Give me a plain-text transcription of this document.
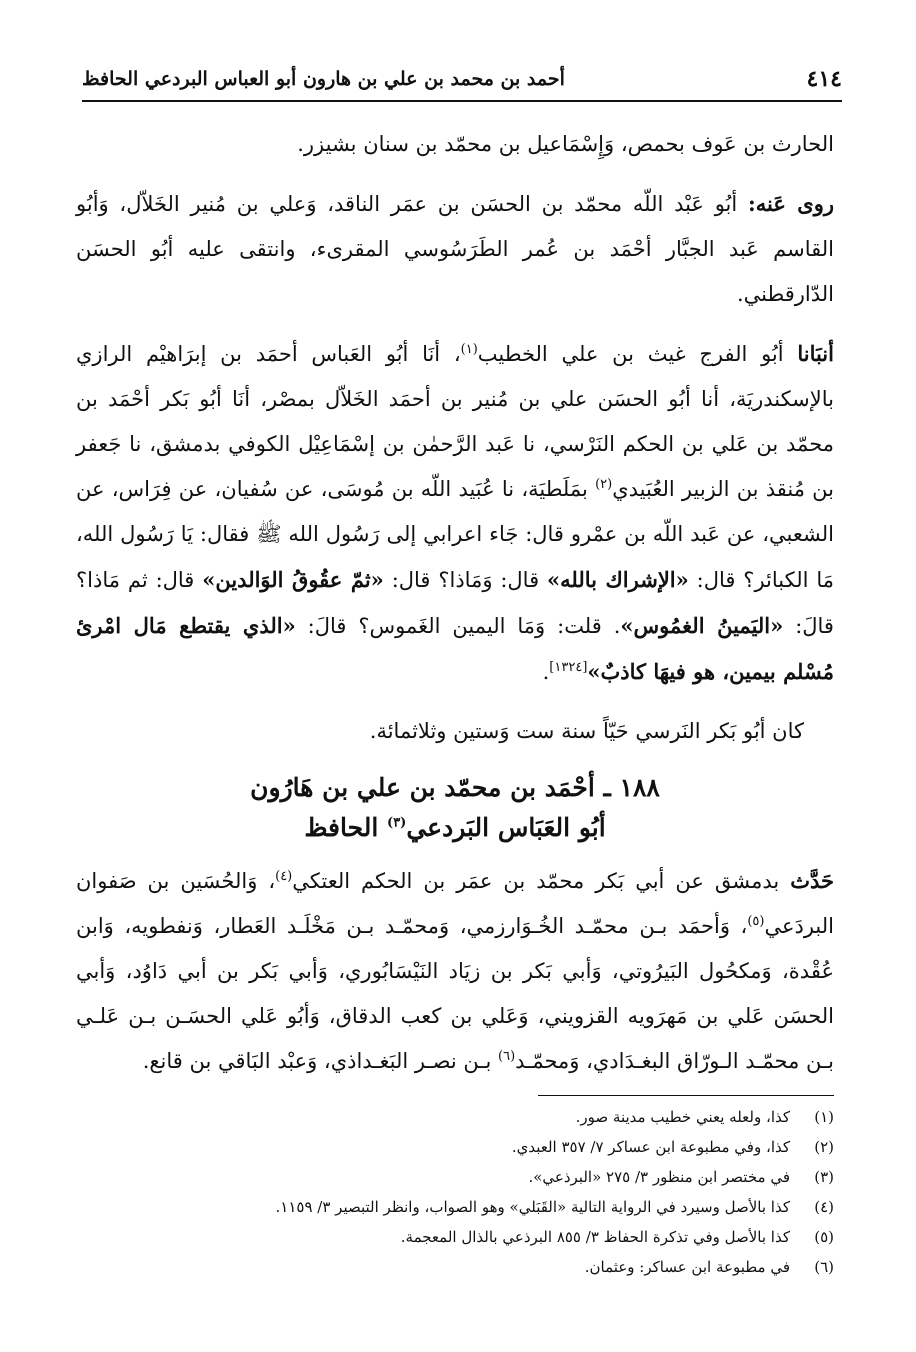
٤١٤
أحمد بن محمد بن علي بن هارون أبو العباس البردعي الحافظ

الحارث بن عَوف بحمص، وَإِسْمَاعيل بن محمّد بن سنان بشيزر.

روى عَنه: أبُو عَبْد اللّه محمّد بن الحسَن بن عمَر الناقد، وَعلي بن مُنير الخَلاّل، وَأبُو القاسم عَبد الجبَّار أحْمَد بن عُمر الطَرَسُوسي المقرىء، وانتقى عليه أبُو الحسَن الدّارقطني.

أنبَانا أبُو الفرج غيث بن علي الخطيب$^{(١)}$، أنَا أبُو العَباس أحمَد بن إبرَاهيْم الرازي بالإسكندريَة، أنا أبُو الحسَن علي بن مُنير بن أحمَد الخَلاّل بمصْر، أنَا أبُو بَكر أحْمَد بن محمّد بن عَلي بن الحكم النَرْسي، نا عَبد الرَّحمٰن بن إسْمَاعِيْل الكوفي بدمشق، نا جَعفر بن مُنقذ بن الزبير العُبَيدي$^{(٢)}$ بمَلَطيَة، نا عُبَيد اللّه بن مُوسَى، عن سُفيان، عن فِرَاس، عن الشعبي، عن عَبد اللّه بن عمْرو قال: جَاء اعرابي إلى رَسُول الله ﷺ فقال: يَا رَسُول الله، مَا الكبائر؟ قال: «الإشراك بالله» قال: وَمَاذا؟ قال: «ثمّ عقُوقُ الوَالدين» قال: ثم مَاذا؟ قالَ: «اليَمينُ الغمُوس». قلت: وَمَا اليمين الغَموس؟ قالَ: «الذي يقتطع مَال امْرئ مُسْلم بيمين، هو فيهَا كاذبٌ»[١٣٢٤].

كان أبُو بَكر النَرسي حَيّاً سنة ست وَستين وثلاثمائة.

١٨٨ ـ أحْمَد بن محمّد بن علي بن هَارُون
أبُو العَبَاس البَردعي$^{(٣)}$ الحافظ

حَدَّث بدمشق عن أبي بَكر محمّد بن عمَر بن الحكم العتكي$^{(٤)}$، وَالحُسَين بن صَفوان البردَعي$^{(٥)}$، وَأحمَد بـن محمّـد الخُـوَارزمي، وَمحمّـد بـن مَخْلَـد العَطار، وَنفطويه، وَابن عُقْدة، وَمكحُول البَيرُوتي، وَأبي بَكر بن زيَاد النَيْسَابُوري، وَأبي بَكر بن أبي دَاوُد، وَأبي الحسَن عَلي بن مَهرَويه القزويني، وَعَلي بن كعب الدقاق، وَأبُو عَلي الحسَـن بـن عَلـي بـن محمّـد الـورّاق البغـدَادي، وَمحمّـد$^{(٦)}$ بـن نصـر البَغـداذي، وَعبْد البَاقي بن قانع.

(١)
كذا، ولعله يعني خطيب مدينة صور.
(٢)
كذا، وفي مطبوعة ابن عساكر ٧/ ٣٥٧ العبدي.
(٣)
في مختصر ابن منظور ٣/ ٢٧٥ «البرذعي».
(٤)
كذا بالأصل وسيرد في الرواية التالية «القَبَلي» وهو الصواب، وانظر التبصير ٣/ ١١٥٩.
(٥)
كذا بالأصل وفي تذكرة الحفاظ ٣/ ٨٥٥ البرذعي بالذال المعجمة.
(٦)
في مطبوعة ابن عساكر: وعثمان.
